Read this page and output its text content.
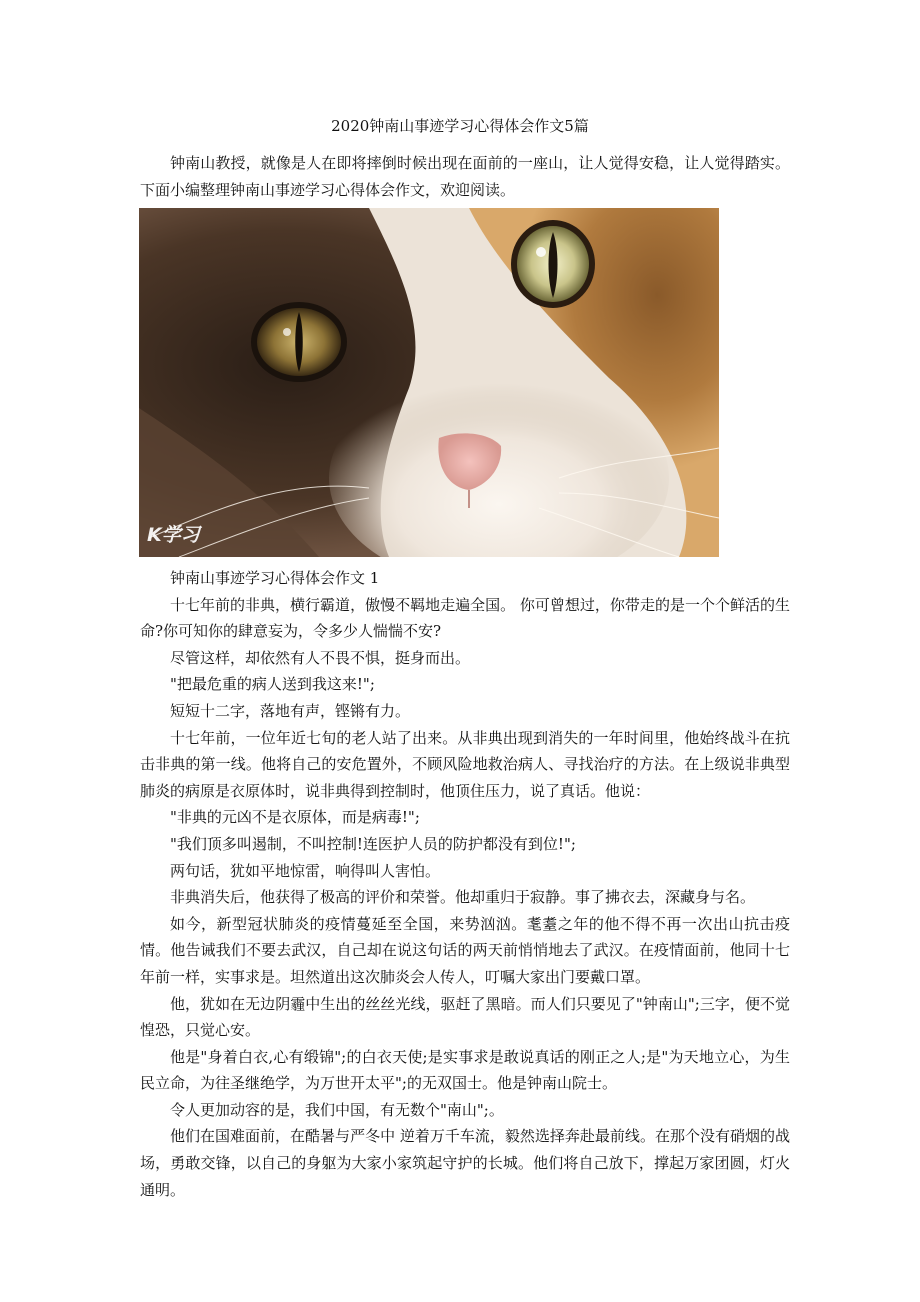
2020钟南山事迹学习心得体会作文5篇

钟南山教授，就像是人在即将摔倒时候出现在面前的一座山，让人觉得安稳，让人觉得踏实。下面小编整理钟南山事迹学习心得体会作文，欢迎阅读。

K学习

钟南山事迹学习心得体会作文 1

十七年前的非典，横行霸道，傲慢不羁地走遍全国。 你可曾想过，你带走的是一个个鲜活的生命?你可知你的肆意妄为，令多少人惴惴不安?

尽管这样，却依然有人不畏不惧，挺身而出。

"把最危重的病人送到我这来!";

短短十二字，落地有声，铿锵有力。

十七年前，一位年近七旬的老人站了出来。从非典出现到消失的一年时间里，他始终战斗在抗击非典的第一线。他将自己的安危置外，不顾风险地救治病人、寻找治疗的方法。在上级说非典型肺炎的病原是衣原体时，说非典得到控制时，他顶住压力，说了真话。他说：

"非典的元凶不是衣原体，而是病毒!";

"我们顶多叫遏制，不叫控制!连医护人员的防护都没有到位!";

两句话，犹如平地惊雷，响得叫人害怕。

非典消失后，他获得了极高的评价和荣誉。他却重归于寂静。事了拂衣去，深藏身与名。

如今，新型冠状肺炎的疫情蔓延至全国，来势汹汹。耄耋之年的他不得不再一次出山抗击疫情。他告诫我们不要去武汉，自己却在说这句话的两天前悄悄地去了武汉。在疫情面前，他同十七年前一样，实事求是。坦然道出这次肺炎会人传人，叮嘱大家出门要戴口罩。

他，犹如在无边阴霾中生出的丝丝光线，驱赶了黑暗。而人们只要见了"钟南山";三字，便不觉惶恐，只觉心安。

他是"身着白衣,心有缎锦";的白衣天使;是实事求是敢说真话的刚正之人;是"为天地立心，为生民立命，为往圣继绝学，为万世开太平";的无双国士。他是钟南山院士。

令人更加动容的是，我们中国，有无数个"南山";。

他们在国难面前，在酷暑与严冬中 逆着万千车流，毅然选择奔赴最前线。在那个没有硝烟的战场，勇敢交锋，以自己的身躯为大家小家筑起守护的长城。他们将自己放下，撑起万家团圆，灯火通明。
